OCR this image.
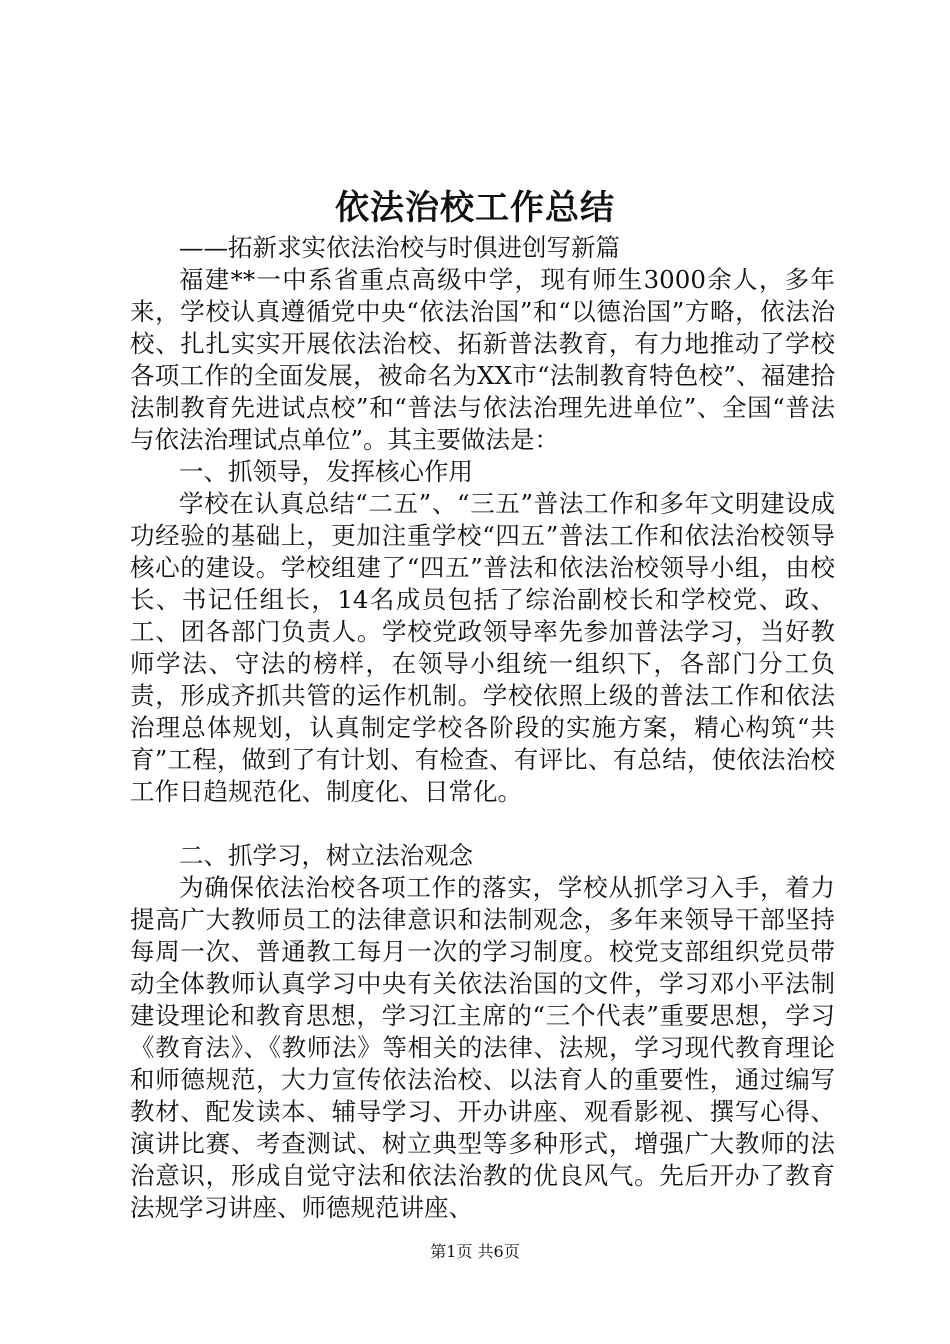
依法治校工作总结

——拓新求实依法治校与时俱进创写新篇

福建**一中系省重点高级中学，现有师生3000余人，多年来，学校认真遵循党中央“依法治国”和“以德治国”方略，依法治校、扎扎实实开展依法治校、拓新普法教育，有力地推动了学校各项工作的全面发展，被命名为XX市“法制教育特色校”、福建拾法制教育先进试点校”和“普法与依法治理先进单位”、全国“普法与依法治理试点单位”。其主要做法是：

一、抓领导，发挥核心作用

学校在认真总结“二五”、“三五”普法工作和多年文明建设成功经验的基础上，更加注重学校“四五”普法工作和依法治校领导核心的建设。学校组建了“四五”普法和依法治校领导小组，由校长、书记任组长，14名成员包括了综治副校长和学校党、政、工、团各部门负责人。学校党政领导率先参加普法学习，当好教师学法、守法的榜样，在领导小组统一组织下，各部门分工负责，形成齐抓共管的运作机制。学校依照上级的普法工作和依法治理总体规划，认真制定学校各阶段的实施方案，精心构筑“共育”工程，做到了有计划、有检查、有评比、有总结，使依法治校工作日趋规范化、制度化、日常化。

二、抓学习，树立法治观念

为确保依法治校各项工作的落实，学校从抓学习入手，着力提高广大教师员工的法律意识和法制观念，多年来领导干部坚持每周一次、普通教工每月一次的学习制度。校党支部组织党员带动全体教师认真学习中央有关依法治国的文件，学习邓小平法制建设理论和教育思想，学习江主席的“三个代表”重要思想，学习《教育法》、《教师法》等相关的法律、法规，学习现代教育理论和师德规范，大力宣传依法治校、以法育人的重要性，通过编写教材、配发读本、辅导学习、开办讲座、观看影视、撰写心得、演讲比赛、考查测试、树立典型等多种形式，增强广大教师的法治意识，形成自觉守法和依法治教的优良风气。先后开办了教育法规学习讲座、师德规范讲座、

第1页 共6页
